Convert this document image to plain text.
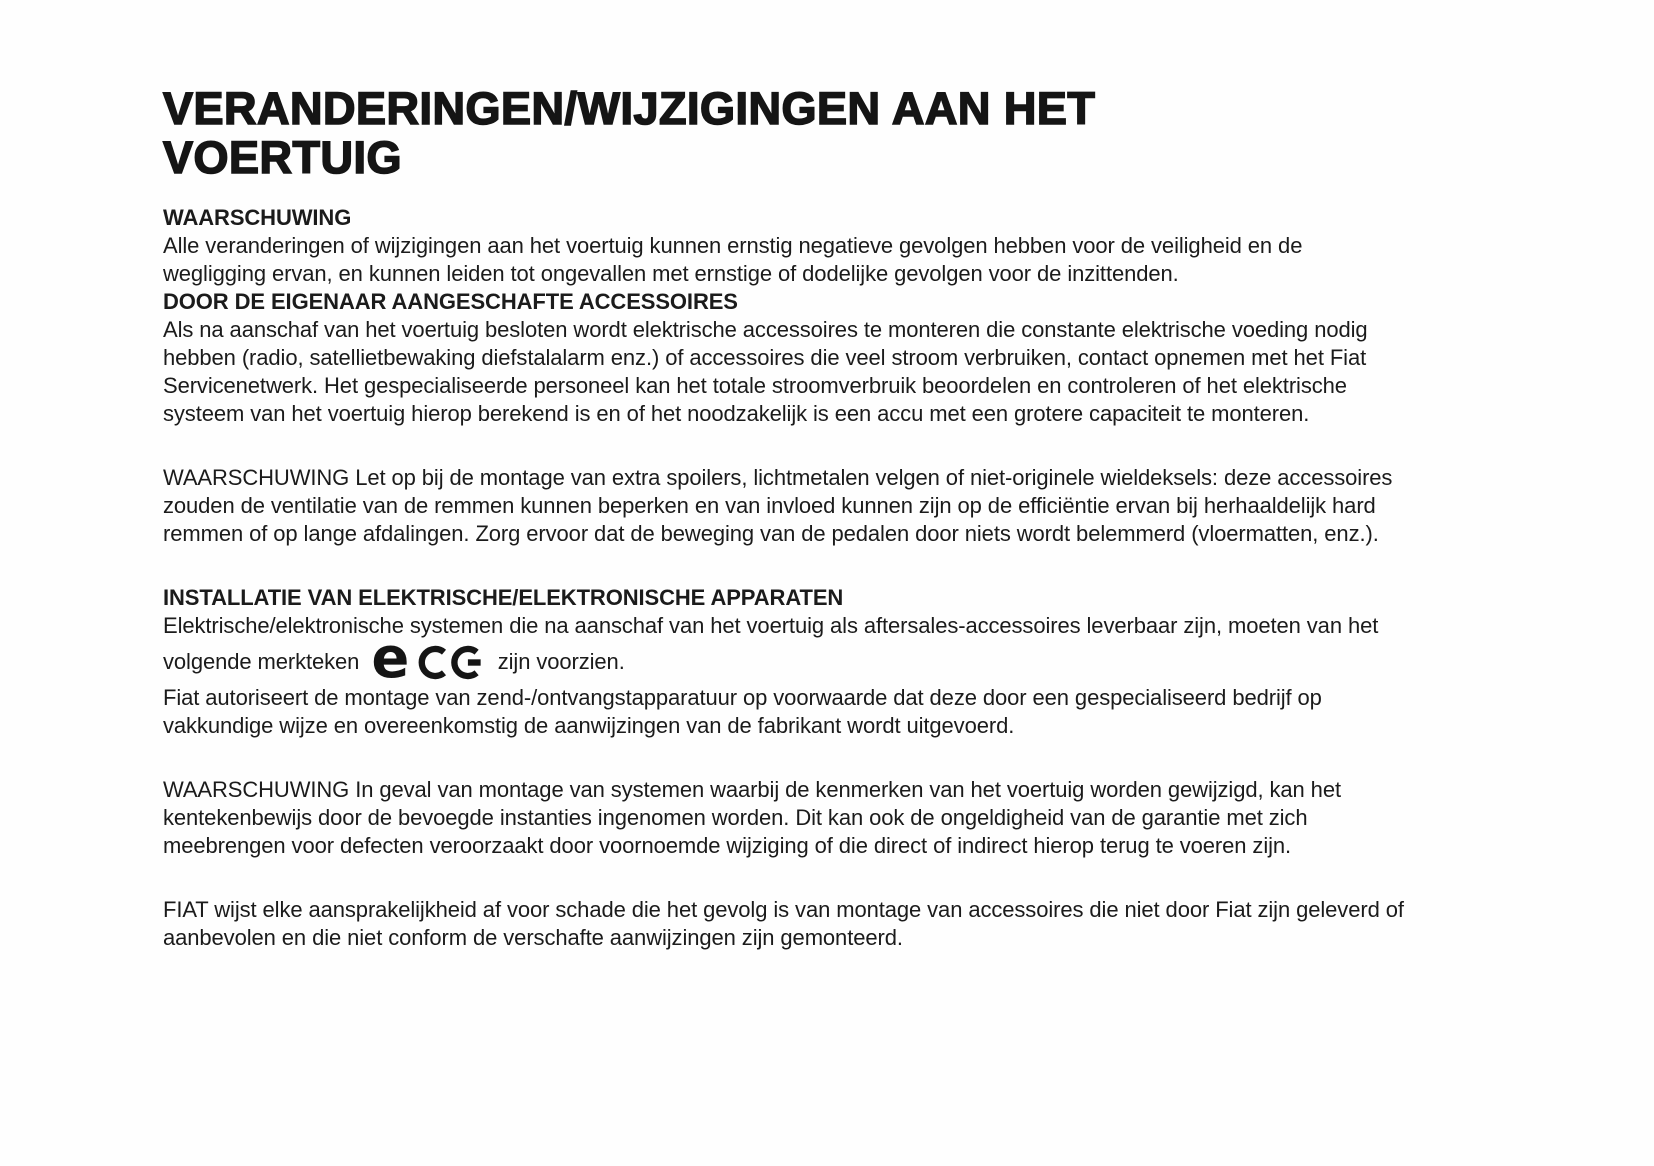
VERANDERINGEN/WIJZIGINGEN AAN HET
VOERTUIG
WAARSCHUWING
Alle veranderingen of wijzigingen aan het voertuig kunnen ernstig negatieve gevolgen hebben voor de veiligheid en de
wegligging ervan, en kunnen leiden tot ongevallen met ernstige of dodelijke gevolgen voor de inzittenden.
DOOR DE EIGENAAR AANGESCHAFTE ACCESSOIRES
Als na aanschaf van het voertuig besloten wordt elektrische accessoires te monteren die constante elektrische voeding nodig
hebben (radio, satellietbewaking diefstalalarm enz.) of accessoires die veel stroom verbruiken, contact opnemen met het Fiat
Servicenetwerk. Het gespecialiseerde personeel kan het totale stroomverbruik beoordelen en controleren of het elektrische
systeem van het voertuig hierop berekend is en of het noodzakelijk is een accu met een grotere capaciteit te monteren.
WAARSCHUWING Let op bij de montage van extra spoilers, lichtmetalen velgen of niet-originele wieldeksels: deze accessoires
zouden de ventilatie van de remmen kunnen beperken en van invloed kunnen zijn op de efficiëntie ervan bij herhaaldelijk hard
remmen of op lange afdalingen. Zorg ervoor dat de beweging van de pedalen door niets wordt belemmerd (vloermatten, enz.).
INSTALLATIE VAN ELEKTRISCHE/ELEKTRONISCHE APPARATEN
Elektrische/elektronische systemen die na aanschaf van het voertuig als aftersales-accessoires leverbaar zijn, moeten van het
volgende merkteken e	zijn voorzien.
Fiat autoriseert de montage van zend-/ontvangstapparatuur op voorwaarde dat deze door een gespecialiseerd bedrijf op
vakkundige wijze en overeenkomstig de aanwijzingen van de fabrikant wordt uitgevoerd.
WAARSCHUWING In geval van montage van systemen waarbij de kenmerken van het voertuig worden gewijzigd, kan het
kentekenbewijs door de bevoegde instanties ingenomen worden. Dit kan ook de ongeldigheid van de garantie met zich
meebrengen voor defecten veroorzaakt door voornoemde wijziging of die direct of indirect hierop terug te voeren zijn.
FIAT wijst elke aansprakelijkheid af voor schade die het gevolg is van montage van accessoires die niet door Fiat zijn geleverd of
aanbevolen en die niet conform de verschafte aanwijzingen zijn gemonteerd.
